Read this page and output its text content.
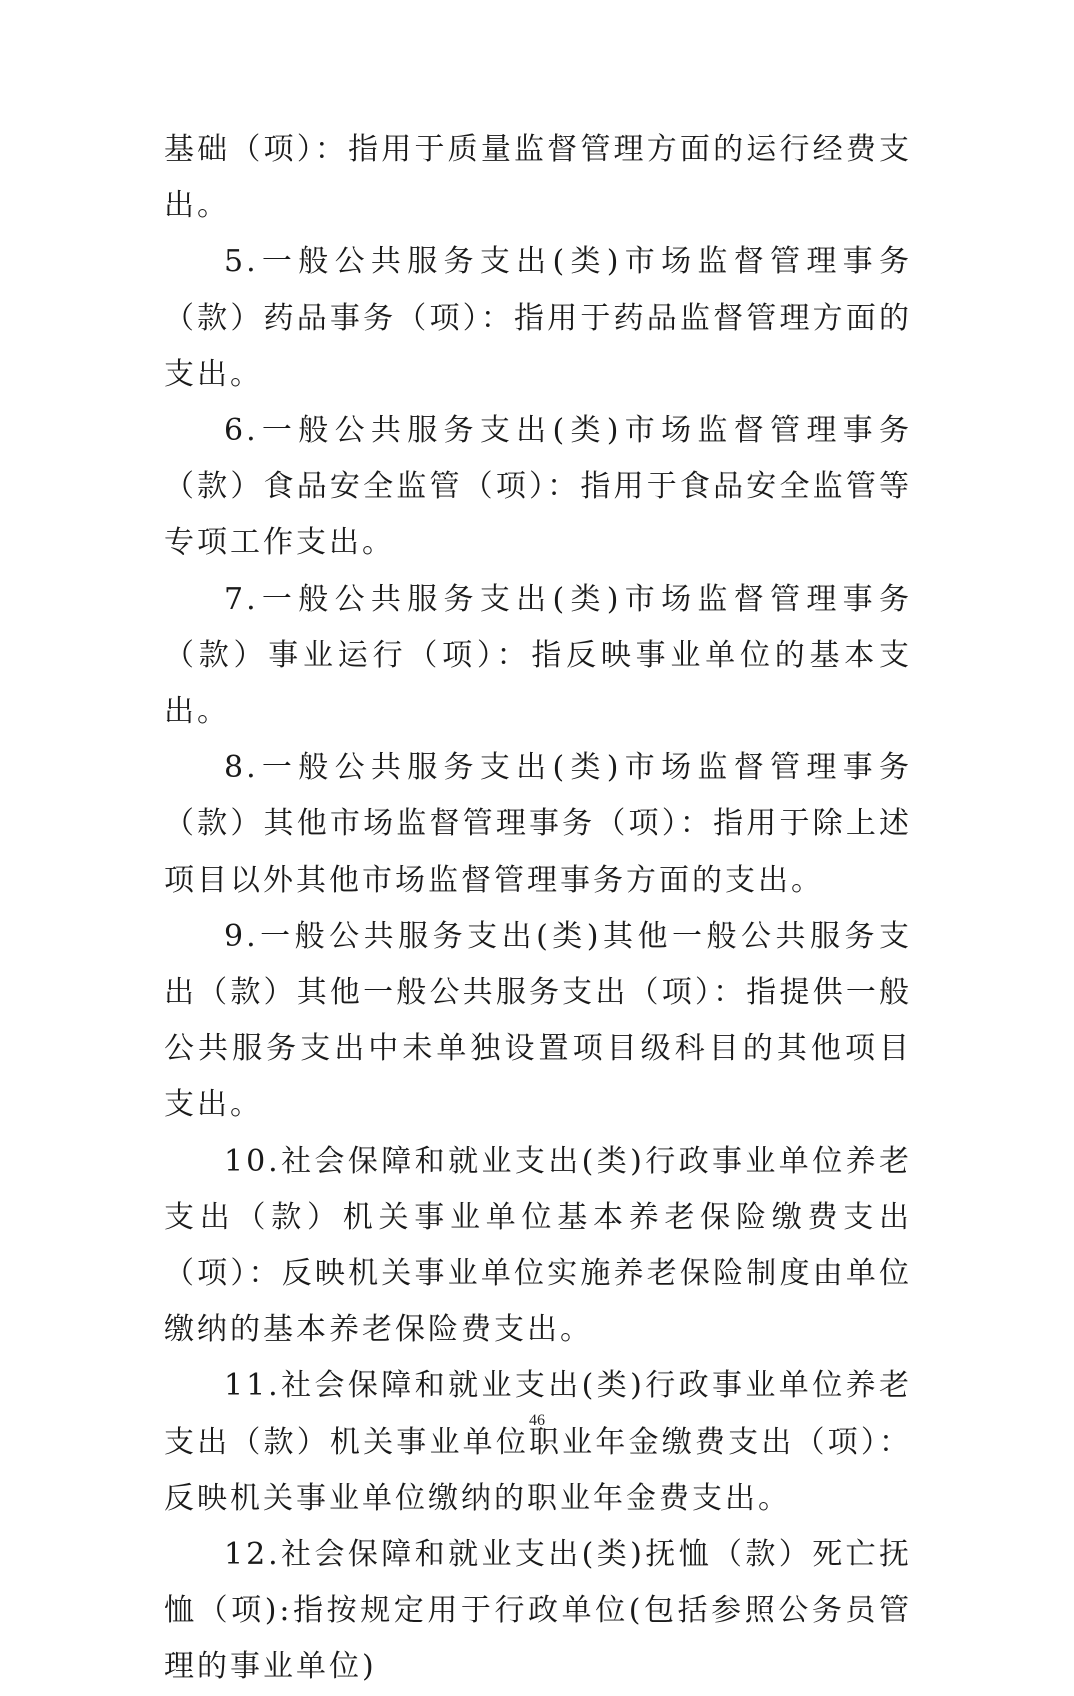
基础（项）：指用于质量监督管理方面的运行经费支出。

5.一般公共服务支出(类)市场监督管理事务（款）药品事务（项）：指用于药品监督管理方面的支出。

6.一般公共服务支出(类)市场监督管理事务（款）食品安全监管（项）：指用于食品安全监管等专项工作支出。

7.一般公共服务支出(类)市场监督管理事务（款）事业运行（项）：指反映事业单位的基本支出。

8.一般公共服务支出(类)市场监督管理事务（款）其他市场监督管理事务（项）：指用于除上述项目以外其他市场监督管理事务方面的支出。

9.一般公共服务支出(类)其他一般公共服务支出（款）其他一般公共服务支出（项）：指提供一般公共服务支出中未单独设置项目级科目的其他项目支出。

10.社会保障和就业支出(类)行政事业单位养老支出（款）机关事业单位基本养老保险缴费支出（项）：反映机关事业单位实施养老保险制度由单位缴纳的基本养老保险费支出。

11.社会保障和就业支出(类)行政事业单位养老支出（款）机关事业单位职业年金缴费支出（项）：反映机关事业单位缴纳的职业年金费支出。

12.社会保障和就业支出(类)抚恤（款）死亡抚恤（项):指按规定用于行政单位(包括参照公务员管理的事业单位)

46
